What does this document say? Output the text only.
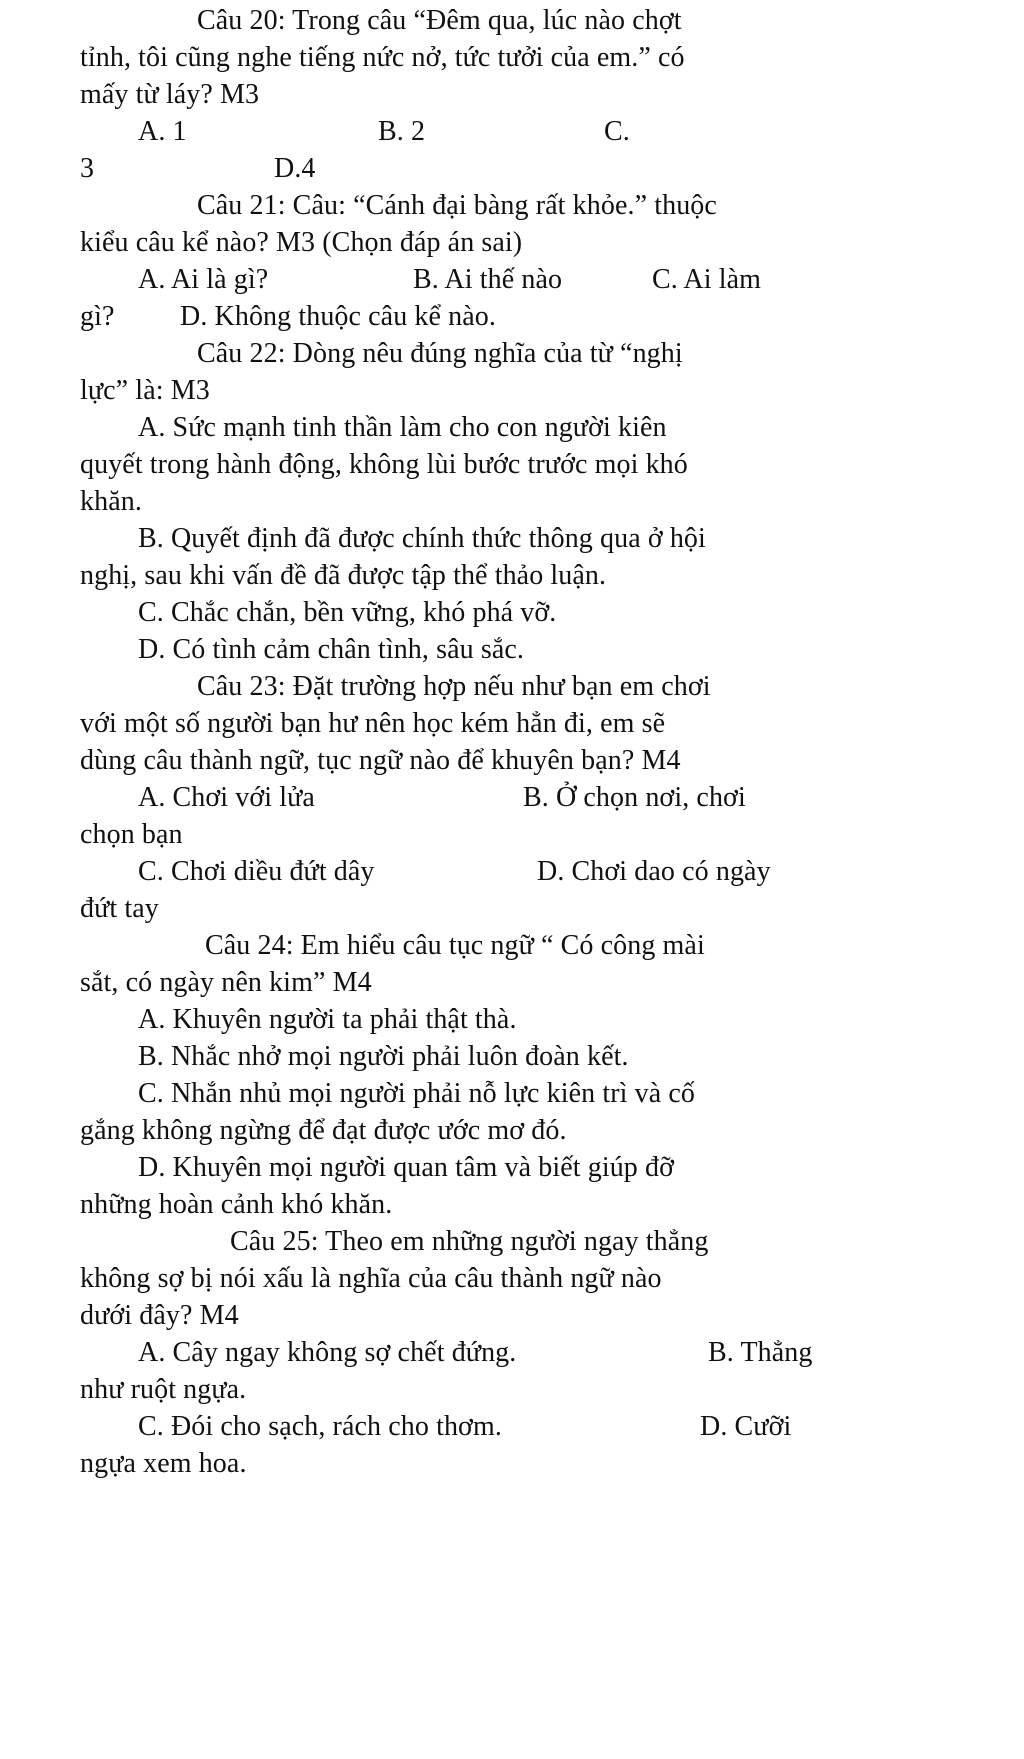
Câu 20: Trong câu “Đêm qua, lúc nào chợt
tỉnh, tôi cũng nghe tiếng nức nở, tức tưởi của em.” có
mấy từ láy? M3
A. 1	B. 2	C.
3	D.4
Câu 21: Câu: “Cánh đại bàng rất khỏe.” thuộc
kiểu câu kể nào? M3 (Chọn đáp án sai)
A. Ai là gì?	B. Ai thế nào	C. Ai làm
gì? D. Không thuộc câu kể nào.
Câu 22: Dòng nêu đúng nghĩa của từ “nghị
lực” là: M3
A. Sức mạnh tinh thần làm cho con người kiên
quyết trong hành động, không lùi bước trước mọi khó
khăn.
B. Quyết định đã được chính thức thông qua ở hội
nghị, sau khi vấn đề đã được tập thể thảo luận.
C. Chắc chắn, bền vững, khó phá vỡ.
D. Có tình cảm chân tình, sâu sắc.
Câu 23: Đặt trường hợp nếu như bạn em chơi
với một số người bạn hư nên học kém hẳn đi, em sẽ
dùng câu thành ngữ, tục ngữ nào để khuyên bạn? M4
A. Chơi với lửa	B. Ở chọn nơi, chơi
chọn bạn
C. Chơi diều đứt dây	D. Chơi dao có ngày
đứt tay
Câu 24: Em hiểu câu tục ngữ “ Có công mài
sắt, có ngày nên kim” M4
A. Khuyên người ta phải thật thà.
B. Nhắc nhở mọi người phải luôn đoàn kết.
C. Nhắn nhủ mọi người phải nỗ lực kiên trì và cố
gắng không ngừng để đạt được ước mơ đó.
D. Khuyên mọi người quan tâm và biết giúp đỡ
những hoàn cảnh khó khăn.
Câu 25: Theo em những người ngay thẳng
không sợ bị nói xấu là nghĩa của câu thành ngữ nào
dưới đây? M4
A. Cây ngay không sợ chết đứng.	B. Thẳng
như ruột ngựa.
C. Đói cho sạch, rách cho thơm.	D. Cưỡi
ngựa xem hoa.
